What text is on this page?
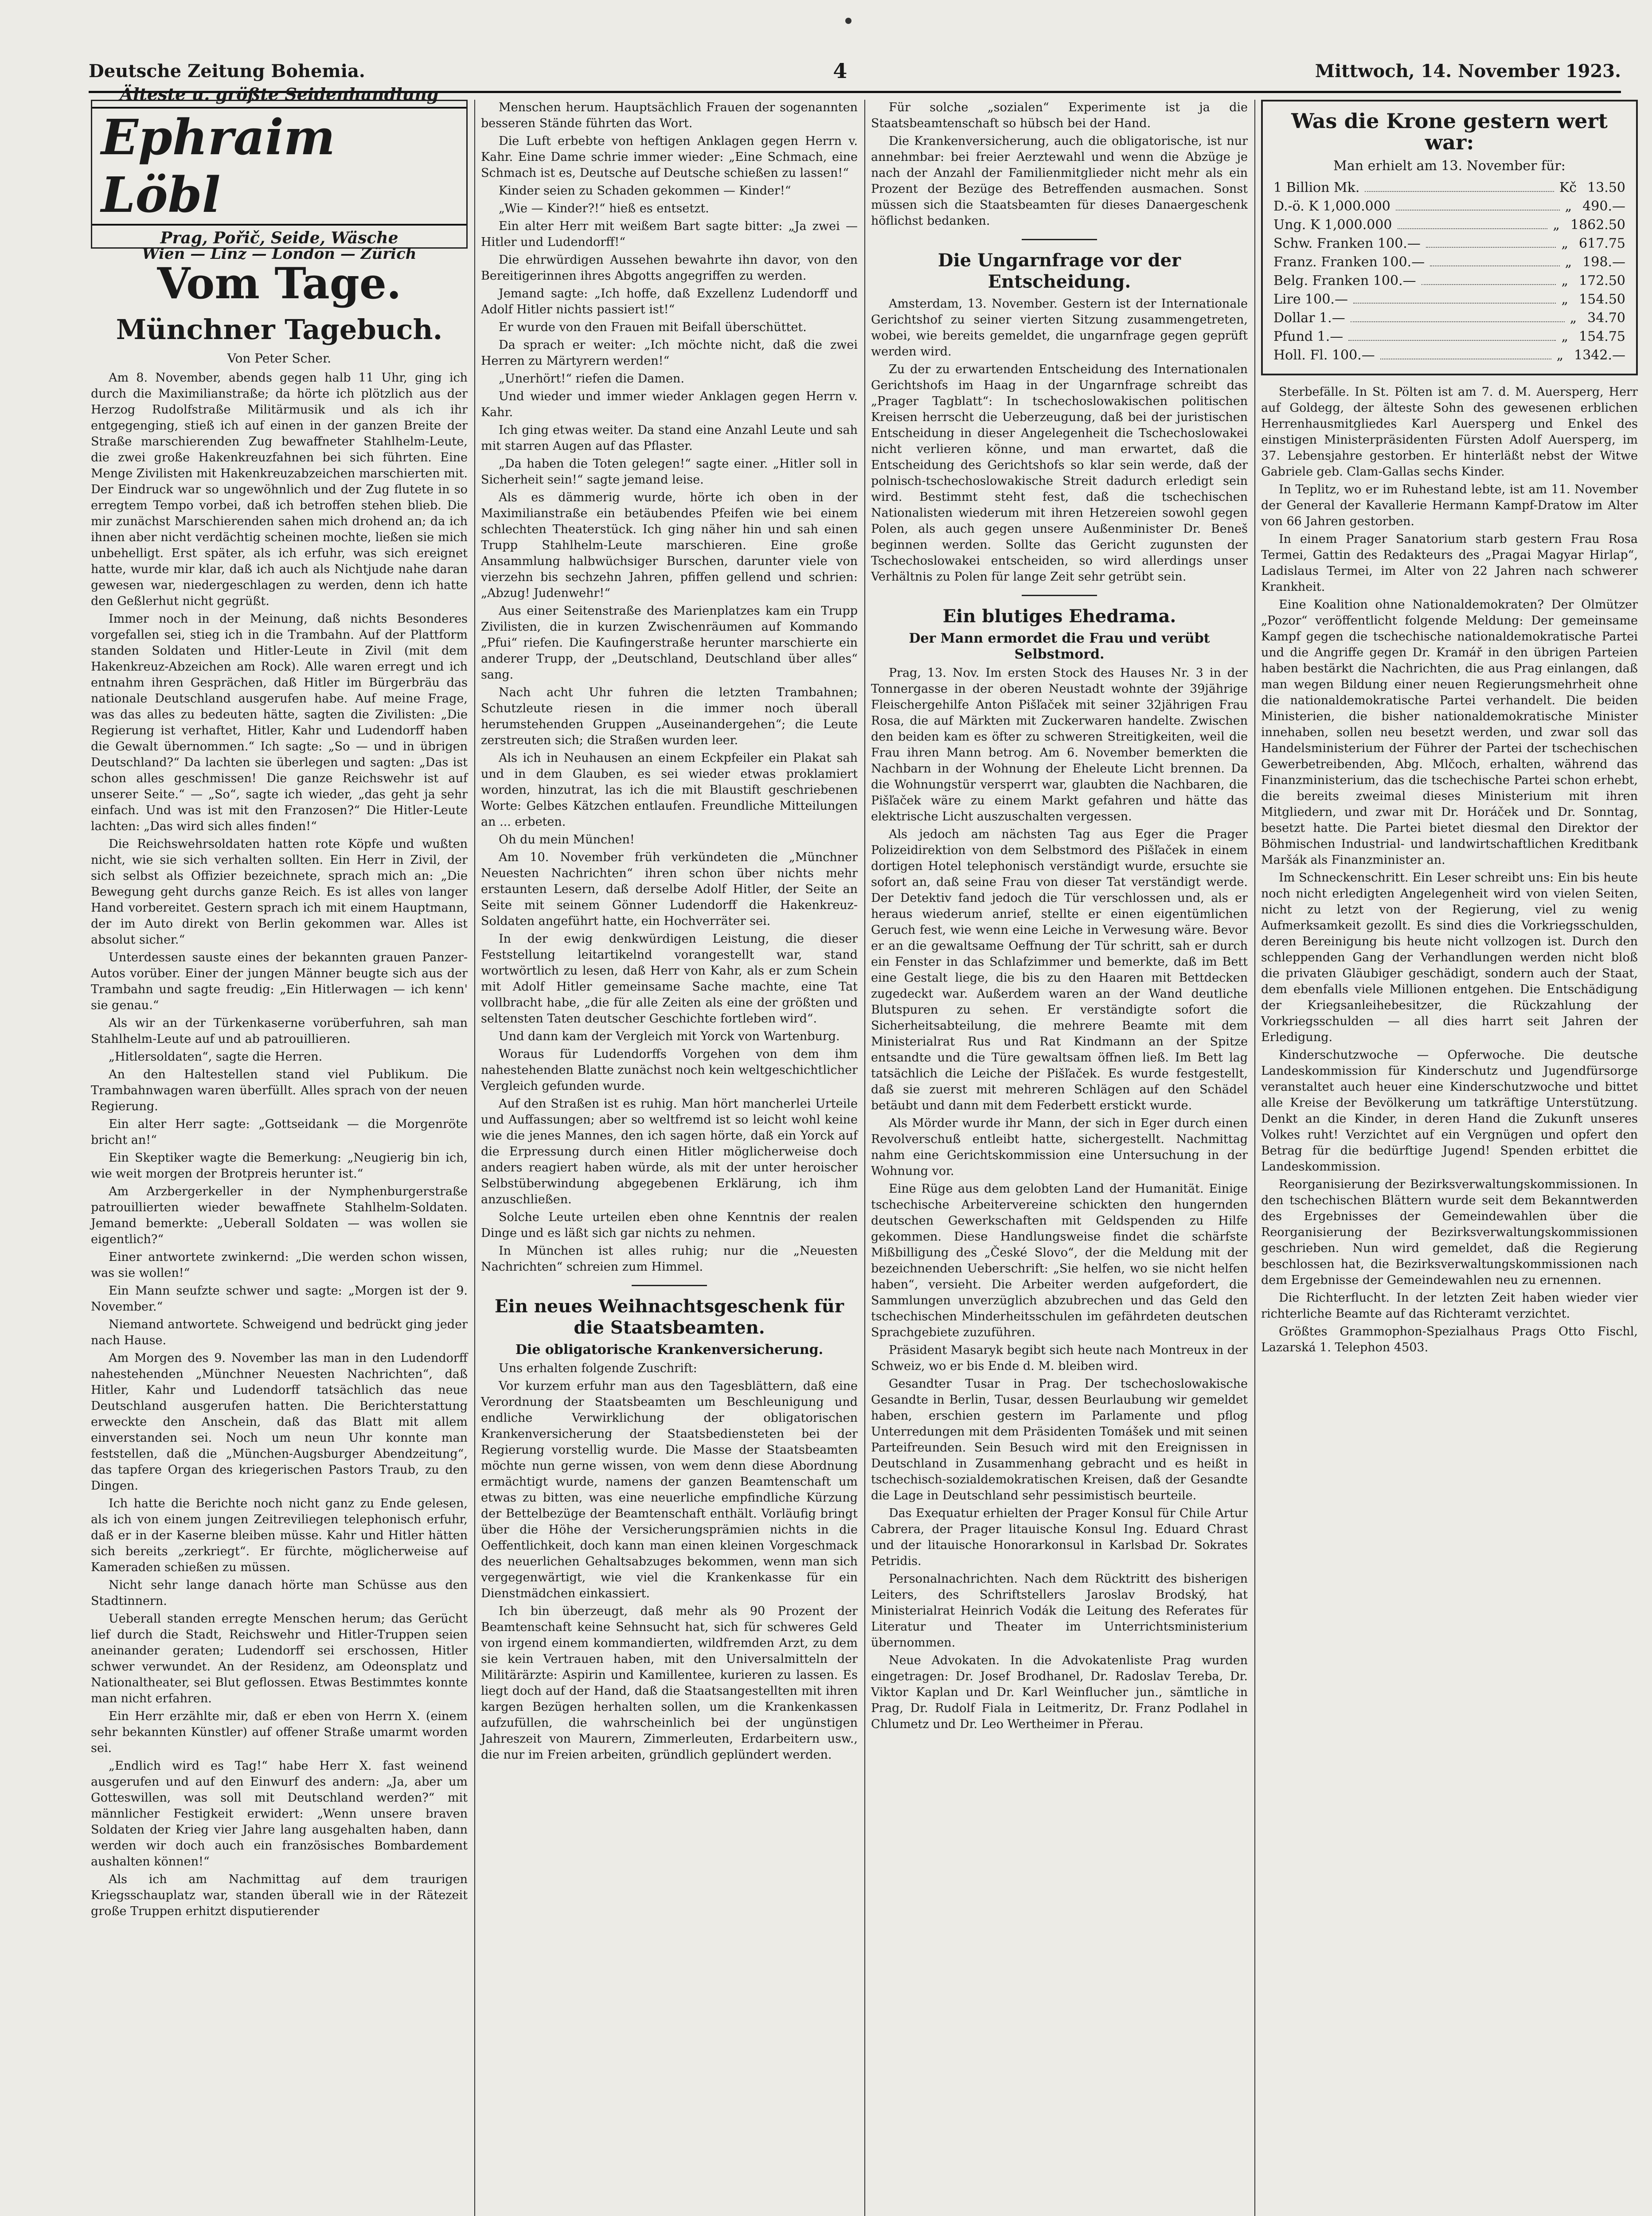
Deutsche Zeitung Bohemia.	4	Mittwoch, 14. November 1923.
Älteste u. größte Seidenhandlung
Ephraim Löbl
Prag, Pořič, Seide, Wäsche
Wien — Linz — London — Zürich
Vom Tage.
Münchner Tagebuch.
Von Peter Scher.

Am 8. November, abends gegen halb 11 Uhr, ging ich durch die Maximilianstraße; da hörte ich plötzlich aus der Herzog Rudolfstraße Militärmusik und als ich ihr entgegenging, stieß ich auf einen in der ganzen Breite der Straße marschierenden Zug bewaffneter Stahlhelm-Leute, die zwei große Hakenkreuzfahnen bei sich führten. Eine Menge Zivilisten mit Hakenkreuzabzeichen marschierten mit. Der Eindruck war so ungewöhnlich und der Zug flutete in so erregtem Tempo vorbei, daß ich betroffen stehen blieb. Die mir zunächst Marschierenden sahen mich drohend an; da ich ihnen aber nicht verdächtig scheinen mochte, ließen sie mich unbehelligt. Erst später, als ich erfuhr, was sich ereignet hatte, wurde mir klar, daß ich auch als Nichtjude nahe daran gewesen war, niedergeschlagen zu werden, denn ich hatte den Geßlerhut nicht gegrüßt.

Immer noch in der Meinung, daß nichts Besonderes vorgefallen sei, stieg ich in die Trambahn. Auf der Plattform standen Soldaten und Hitler-Leute in Zivil (mit dem Hakenkreuz-Abzeichen am Rock). Alle waren erregt und ich entnahm ihren Gesprächen, daß Hitler im Bürgerbräu das nationale Deutschland ausgerufen habe. Auf meine Frage, was das alles zu bedeuten hätte, sagten die Zivilisten: „Die Regierung ist verhaftet, Hitler, Kahr und Ludendorff haben die Gewalt übernommen.“ Ich sagte: „So — und in übrigen Deutschland?“ Da lachten sie überlegen und sagten: „Das ist schon alles geschmissen! Die ganze Reichswehr ist auf unserer Seite.“ — „So“, sagte ich wieder, „das geht ja sehr einfach. Und was ist mit den Franzosen?“ Die Hitler-Leute lachten: „Das wird sich alles finden!“

Die Reichswehrsoldaten hatten rote Köpfe und wußten nicht, wie sie sich verhalten sollten. Ein Herr in Zivil, der sich selbst als Offizier bezeichnete, sprach mich an: „Die Bewegung geht durchs ganze Reich. Es ist alles von langer Hand vorbereitet. Gestern sprach ich mit einem Hauptmann, der im Auto direkt von Berlin gekommen war. Alles ist absolut sicher.“

Unterdessen sauste eines der bekannten grauen Panzer-Autos vorüber. Einer der jungen Männer beugte sich aus der Trambahn und sagte freudig: „Ein Hitlerwagen — ich kenn' sie genau.“

Als wir an der Türkenkaserne vorüberfuhren, sah man Stahlhelm-Leute auf und ab patrouillieren.

„Hitlersoldaten“, sagte die Herren.

An den Haltestellen stand viel Publikum. Die Trambahnwagen waren überfüllt. Alles sprach von der neuen Regierung.

Ein alter Herr sagte: „Gottseidank — die Morgenröte bricht an!“

Ein Skeptiker wagte die Bemerkung: „Neugierig bin ich, wie weit morgen der Brotpreis herunter ist.“

Am Arzbergerkeller in der Nymphenburgerstraße patrouillierten wieder bewaffnete Stahlhelm-Soldaten. Jemand bemerkte: „Ueberall Soldaten — was wollen sie eigentlich?“

Einer antwortete zwinkernd: „Die werden schon wissen, was sie wollen!“

Ein Mann seufzte schwer und sagte: „Morgen ist der 9. November.“

Niemand antwortete. Schweigend und bedrückt ging jeder nach Hause.

Am Morgen des 9. November las man in den Ludendorff nahestehenden „Münchner Neuesten Nachrichten“, daß Hitler, Kahr und Ludendorff tatsächlich das neue Deutschland ausgerufen hatten. Die Berichterstattung erweckte den Anschein, daß das Blatt mit allem einverstanden sei. Noch um neun Uhr konnte man feststellen, daß die „München-Augsburger Abendzeitung“, das tapfere Organ des kriegerischen Pastors Traub, zu den Dingen.

Ich hatte die Berichte noch nicht ganz zu Ende gelesen, als ich von einem jungen Zeitreviliegen telephonisch erfuhr, daß er in der Kaserne bleiben müsse. Kahr und Hitler hätten sich bereits „zerkriegt“. Er fürchte, möglicherweise auf Kameraden schießen zu müssen.

Nicht sehr lange danach hörte man Schüsse aus den Stadtinnern.

Ueberall standen erregte Menschen herum; das Gerücht lief durch die Stadt, Reichswehr und Hitler-Truppen seien aneinander geraten; Ludendorff sei erschossen, Hitler schwer verwundet. An der Residenz, am Odeonsplatz und Nationaltheater, sei Blut geflossen. Etwas Bestimmtes konnte man nicht erfahren.

Ein Herr erzählte mir, daß er eben von Herrn X. (einem sehr bekannten Künstler) auf offener Straße umarmt worden sei.

„Endlich wird es Tag!“ habe Herr X. fast weinend ausgerufen und auf den Einwurf des andern: „Ja, aber um Gotteswillen, was soll mit Deutschland werden?“ mit männlicher Festigkeit erwidert: „Wenn unsere braven Soldaten der Krieg vier Jahre lang ausgehalten haben, dann werden wir doch auch ein französisches Bombardement aushalten können!“

Als ich am Nachmittag auf dem traurigen Kriegsschauplatz war, standen überall wie in der Rätezeit große Truppen erhitzt disputierender

Menschen herum. Hauptsächlich Frauen der sogenannten besseren Stände führten das Wort.

Die Luft erbebte von heftigen Anklagen gegen Herrn v. Kahr. Eine Dame schrie immer wieder: „Eine Schmach, eine Schmach ist es, Deutsche auf Deutsche schießen zu lassen!“

Kinder seien zu Schaden gekommen — Kinder!“

„Wie — Kinder?!“ hieß es entsetzt.

Ein alter Herr mit weißem Bart sagte bitter: „Ja zwei — Hitler und Ludendorff!“

Die ehrwürdigen Aussehen bewahrte ihn davor, von den Bereitigerinnen ihres Abgotts angegriffen zu werden.

Jemand sagte: „Ich hoffe, daß Exzellenz Ludendorff und Adolf Hitler nichts passiert ist!“

Er wurde von den Frauen mit Beifall überschüttet.

Da sprach er weiter: „Ich möchte nicht, daß die zwei Herren zu Märtyrern werden!“

„Unerhört!“ riefen die Damen.

Und wieder und immer wieder Anklagen gegen Herrn v. Kahr.

Ich ging etwas weiter. Da stand eine Anzahl Leute und sah mit starren Augen auf das Pflaster.

„Da haben die Toten gelegen!“ sagte einer. „Hitler soll in Sicherheit sein!“ sagte jemand leise.

Als es dämmerig wurde, hörte ich oben in der Maximilianstraße ein betäubendes Pfeifen wie bei einem schlechten Theaterstück. Ich ging näher hin und sah einen Trupp Stahlhelm-Leute marschieren. Eine große Ansammlung halbwüchsiger Burschen, darunter viele von vierzehn bis sechzehn Jahren, pfiffen gellend und schrien: „Abzug! Judenwehr!“

Aus einer Seitenstraße des Marienplatzes kam ein Trupp Zivilisten, die in kurzen Zwischenräumen auf Kommando „Pfui“ riefen. Die Kaufingerstraße herunter marschierte ein anderer Trupp, der „Deutschland, Deutschland über alles“ sang.

Nach acht Uhr fuhren die letzten Trambahnen; Schutzleute riesen in die immer noch überall herumstehenden Gruppen „Auseinandergehen“; die Leute zerstreuten sich; die Straßen wurden leer.

Als ich in Neuhausen an einem Eckpfeiler ein Plakat sah und in dem Glauben, es sei wieder etwas proklamiert worden, hinzutrat, las ich die mit Blaustift geschriebenen Worte: Gelbes Kätzchen entlaufen. Freundliche Mitteilungen an ... erbeten.

Oh du mein München!

Am 10. November früh verkündeten die „Münchner Neuesten Nachrichten“ ihren schon über nichts mehr erstaunten Lesern, daß derselbe Adolf Hitler, der Seite an Seite mit seinem Gönner Ludendorff die Hakenkreuz-Soldaten angeführt hatte, ein Hochverräter sei.

In der ewig denkwürdigen Leistung, die dieser Feststellung leitartikelnd vorangestellt war, stand wortwörtlich zu lesen, daß Herr von Kahr, als er zum Schein mit Adolf Hitler gemeinsame Sache machte, eine Tat vollbracht habe, „die für alle Zeiten als eine der größten und seltensten Taten deutscher Geschichte fortleben wird“.

Und dann kam der Vergleich mit Yorck von Wartenburg.

Woraus für Ludendorffs Vorgehen von dem ihm nahestehenden Blatte zunächst noch kein weltgeschichtlicher Vergleich gefunden wurde.

Auf den Straßen ist es ruhig. Man hört mancherlei Urteile und Auffassungen; aber so weltfremd ist so leicht wohl keine wie die jenes Mannes, den ich sagen hörte, daß ein Yorck auf die Erpressung durch einen Hitler möglicherweise doch anders reagiert haben würde, als mit der unter heroischer Selbstüberwindung abgegebenen Erklärung, ich ihm anzuschließen.

Solche Leute urteilen eben ohne Kenntnis der realen Dinge und es läßt sich gar nichts zu nehmen.

In München ist alles ruhig; nur die „Neuesten Nachrichten“ schreien zum Himmel.

Ein neues Weihnachtsgeschenk für die Staatsbeamten.
Die obligatorische Krankenversicherung.

Uns erhalten folgende Zuschrift:

Vor kurzem erfuhr man aus den Tagesblättern, daß eine Verordnung der Staatsbeamten um Beschleunigung und endliche Verwirklichung der obligatorischen Krankenversicherung der Staatsbediensteten bei der Regierung vorstellig wurde. Die Masse der Staatsbeamten möchte nun gerne wissen, von wem denn diese Abordnung ermächtigt wurde, namens der ganzen Beamtenschaft um etwas zu bitten, was eine neuerliche empfindliche Kürzung der Bettelbezüge der Beamtenschaft enthält. Vorläufig bringt über die Höhe der Versicherungsprämien nichts in die Oeffentlichkeit, doch kann man einen kleinen Vorgeschmack des neuerlichen Gehaltsabzuges bekommen, wenn man sich vergegenwärtigt, wie viel die Krankenkasse für ein Dienstmädchen einkassiert.

Ich bin überzeugt, daß mehr als 90 Prozent der Beamtenschaft keine Sehnsucht hat, sich für schweres Geld von irgend einem kommandierten, wildfremden Arzt, zu dem sie kein Vertrauen haben, mit den Universalmitteln der Militärärzte: Aspirin und Kamillentee, kurieren zu lassen. Es liegt doch auf der Hand, daß die Staatsangestellten mit ihren kargen Bezügen herhalten sollen, um die Krankenkassen aufzufüllen, die wahrscheinlich bei der ungünstigen Jahreszeit von Maurern, Zimmerleuten, Erdarbeitern usw., die nur im Freien arbeiten, gründlich geplündert werden.

Für solche „sozialen“ Experimente ist ja die Staatsbeamtenschaft so hübsch bei der Hand.

Die Krankenversicherung, auch die obligatorische, ist nur annehmbar: bei freier Aerztewahl und wenn die Abzüge je nach der Anzahl der Familienmitglieder nicht mehr als ein Prozent der Bezüge des Betreffenden ausmachen. Sonst müssen sich die Staatsbeamten für dieses Danaergeschenk höflichst bedanken.

Die Ungarnfrage vor der Entscheidung.

Amsterdam, 13. November. Gestern ist der Internationale Gerichtshof zu seiner vierten Sitzung zusammengetreten, wobei, wie bereits gemeldet, die ungarnfrage gegen geprüft werden wird.

Zu der zu erwartenden Entscheidung des Internationalen Gerichtshofs im Haag in der Ungarnfrage schreibt das „Prager Tagblatt“: In tschechoslowakischen politischen Kreisen herrscht die Ueberzeugung, daß bei der juristischen Entscheidung in dieser Angelegenheit die Tschechoslowakei nicht verlieren könne, und man erwartet, daß die Entscheidung des Gerichtshofs so klar sein werde, daß der polnisch-tschechoslowakische Streit dadurch erledigt sein wird. Bestimmt steht fest, daß die tschechischen Nationalisten wiederum mit ihren Hetzereien sowohl gegen Polen, als auch gegen unsere Außenminister Dr. Beneš beginnen werden. Sollte das Gericht zugunsten der Tschechoslowakei entscheiden, so wird allerdings unser Verhältnis zu Polen für lange Zeit sehr getrübt sein.

Ein blutiges Ehedrama.
Der Mann ermordet die Frau und verübt Selbstmord.

Prag, 13. Nov. Im ersten Stock des Hauses Nr. 3 in der Tonnergasse in der oberen Neustadt wohnte der 39jährige Fleischergehilfe Anton Pišľaček mit seiner 32jährigen Frau Rosa, die auf Märkten mit Zuckerwaren handelte. Zwischen den beiden kam es öfter zu schweren Streitigkeiten, weil die Frau ihren Mann betrog. Am 6. November bemerkten die Nachbarn in der Wohnung der Eheleute Licht brennen. Da die Wohnungstür versperrt war, glaubten die Nachbaren, die Pišľaček wäre zu einem Markt gefahren und hätte das elektrische Licht auszuschalten vergessen.

Als jedoch am nächsten Tag aus Eger die Prager Polizeidirektion von dem Selbstmord des Pišľaček in einem dortigen Hotel telephonisch verständigt wurde, ersuchte sie sofort an, daß seine Frau von dieser Tat verständigt werde. Der Detektiv fand jedoch die Tür verschlossen und, als er heraus wiederum anrief, stellte er einen eigentümlichen Geruch fest, wie wenn eine Leiche in Verwesung wäre. Bevor er an die gewaltsame Oeffnung der Tür schritt, sah er durch ein Fenster in das Schlafzimmer und bemerkte, daß im Bett eine Gestalt liege, die bis zu den Haaren mit Bettdecken zugedeckt war. Außerdem waren an der Wand deutliche Blutspuren zu sehen. Er verständigte sofort die Sicherheitsabteilung, die mehrere Beamte mit dem Ministerialrat Rus und Rat Kindmann an der Spitze entsandte und die Türe gewaltsam öffnen ließ. Im Bett lag tatsächlich die Leiche der Pišľaček. Es wurde festgestellt, daß sie zuerst mit mehreren Schlägen auf den Schädel betäubt und dann mit dem Federbett erstickt wurde.

Als Mörder wurde ihr Mann, der sich in Eger durch einen Revolverschuß entleibt hatte, sichergestellt. Nachmittag nahm eine Gerichtskommission eine Untersuchung in der Wohnung vor.

Eine Rüge aus dem gelobten Land der Humanität. Einige tschechische Arbeitervereine schickten den hungernden deutschen Gewerkschaften mit Geldspenden zu Hilfe gekommen. Diese Handlungsweise findet die schärfste Mißbilligung des „České Slovo“, der die Meldung mit der bezeichnenden Ueberschrift: „Sie helfen, wo sie nicht helfen haben“, versieht. Die Arbeiter werden aufgefordert, die Sammlungen unverzüglich abzubrechen und das Geld den tschechischen Minderheitsschulen im gefährdeten deutschen Sprachgebiete zuzuführen.

Präsident Masaryk begibt sich heute nach Montreux in der Schweiz, wo er bis Ende d. M. bleiben wird.

Gesandter Tusar in Prag. Der tschechoslowakische Gesandte in Berlin, Tusar, dessen Beurlaubung wir gemeldet haben, erschien gestern im Parlamente und pflog Unterredungen mit dem Präsidenten Tomášek und mit seinen Parteifreunden. Sein Besuch wird mit den Ereignissen in Deutschland in Zusammenhang gebracht und es heißt in tschechisch-sozialdemokratischen Kreisen, daß der Gesandte die Lage in Deutschland sehr pessimistisch beurteile.

Das Exequatur erhielten der Prager Konsul für Chile Artur Cabrera, der Prager litauische Konsul Ing. Eduard Chrast und der litauische Honorarkonsul in Karlsbad Dr. Sokrates Petridis.

Personalnachrichten. Nach dem Rücktritt des bisherigen Leiters, des Schriftstellers Jaroslav Brodský, hat Ministerialrat Heinrich Vodák die Leitung des Referates für Literatur und Theater im Unterrichtsministerium übernommen.

Neue Advokaten. In die Advokatenliste Prag wurden eingetragen: Dr. Josef Brodhanel, Dr. Radoslav Tereba, Dr. Viktor Kaplan und Dr. Karl Weinflucher jun., sämtliche in Prag, Dr. Rudolf Fiala in Leitmeritz, Dr. Franz Podlahel in Chlumetz und Dr. Leo Wertheimer in Přerau.

Was die Krone gestern wert war:
Man erhielt am 13. November für:
1 Billion Mk.	Kč 13.50
D.-ö. K 1,000.000	„ 490.—
Ung. K 1,000.000	„ 1862.50
Schw. Franken 100.—	„ 617.75
Franz. Franken 100.—	„ 198.—
Belg. Franken 100.—	„ 172.50
Lire 100.—	„ 154.50
Dollar 1.—	„ 34.70
Pfund 1.—	„ 154.75
Holl. Fl. 100.—	„ 1342.—

Sterbefälle. In St. Pölten ist am 7. d. M. Auersperg, Herr auf Goldegg, der älteste Sohn des gewesenen erblichen Herrenhausmitgliedes Karl Auersperg und Enkel des einstigen Ministerpräsidenten Fürsten Adolf Auersperg, im 37. Lebensjahre gestorben. Er hinterläßt nebst der Witwe Gabriele geb. Clam-Gallas sechs Kinder.

In Teplitz, wo er im Ruhestand lebte, ist am 11. November der General der Kavallerie Hermann Kampf-Dratow im Alter von 66 Jahren gestorben.

In einem Prager Sanatorium starb gestern Frau Rosa Termei, Gattin des Redakteurs des „Pragai Magyar Hirlap“, Ladislaus Termei, im Alter von 22 Jahren nach schwerer Krankheit.

Eine Koalition ohne Nationaldemokraten? Der Olmützer „Pozor“ veröffentlicht folgende Meldung: Der gemeinsame Kampf gegen die tschechische nationaldemokratische Partei und die Angriffe gegen Dr. Kramář in den übrigen Parteien haben bestärkt die Nachrichten, die aus Prag einlangen, daß man wegen Bildung einer neuen Regierungsmehrheit ohne die nationaldemokratische Partei verhandelt. Die beiden Ministerien, die bisher nationaldemokratische Minister innehaben, sollen neu besetzt werden, und zwar soll das Handelsministerium der Führer der Partei der tschechischen Gewerbetreibenden, Abg. Mlčoch, erhalten, während das Finanzministerium, das die tschechische Partei schon erhebt, die bereits zweimal dieses Ministerium mit ihren Mitgliedern, und zwar mit Dr. Horáček und Dr. Sonntag, besetzt hatte. Die Partei bietet diesmal den Direktor der Böhmischen Industrial- und landwirtschaftlichen Kreditbank Maršák als Finanzminister an.

Im Schneckenschritt. Ein Leser schreibt uns: Ein bis heute noch nicht erledigten Angelegenheit wird von vielen Seiten, nicht zu letzt von der Regierung, viel zu wenig Aufmerksamkeit gezollt. Es sind dies die Vorkriegsschulden, deren Bereinigung bis heute nicht vollzogen ist. Durch den schleppenden Gang der Verhandlungen werden nicht bloß die privaten Gläubiger geschädigt, sondern auch der Staat, dem ebenfalls viele Millionen entgehen. Die Entschädigung der Kriegsanleihebesitzer, die Rückzahlung der Vorkriegsschulden — all dies harrt seit Jahren der Erledigung.

Kinderschutzwoche — Opferwoche. Die deutsche Landeskommission für Kinderschutz und Jugendfürsorge veranstaltet auch heuer eine Kinderschutzwoche und bittet alle Kreise der Bevölkerung um tatkräftige Unterstützung. Denkt an die Kinder, in deren Hand die Zukunft unseres Volkes ruht! Verzichtet auf ein Vergnügen und opfert den Betrag für die bedürftige Jugend! Spenden erbittet die Landeskommission.

Reorganisierung der Bezirksverwaltungskommissionen. In den tschechischen Blättern wurde seit dem Bekanntwerden des Ergebnisses der Gemeindewahlen über die Reorganisierung der Bezirksverwaltungskommissionen geschrieben. Nun wird gemeldet, daß die Regierung beschlossen hat, die Bezirksverwaltungskommissionen nach dem Ergebnisse der Gemeindewahlen neu zu ernennen.

Die Richterflucht. In der letzten Zeit haben wieder vier richterliche Beamte auf das Richteramt verzichtet.

Größtes Grammophon-Spezialhaus Prags Otto Fischl, Lazarská 1. Telephon 4503.
